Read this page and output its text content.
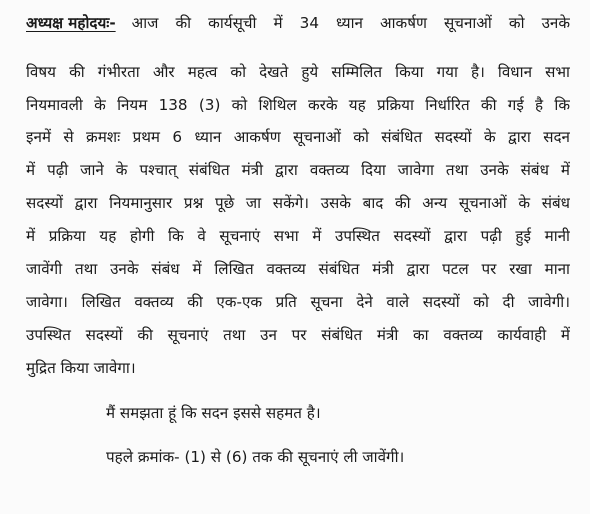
अध्यक्ष महोदयः- आज की कार्यसूची में 34 ध्यान आकर्षण सूचनाओं को उनके
विषय की गंभीरता और महत्व को देखते हुये सम्मिलित किया गया है। विधान सभा
नियमावली के नियम 138 (3) को शिथिल करके यह प्रक्रिया निर्धारित की गई है कि
इनमें से क्रमशः प्रथम 6 ध्यान आकर्षण सूचनाओं को संबंधित सदस्यों के द्वारा सदन
में पढ़ी जाने के पश्चात् संबंधित मंत्री द्वारा वक्तव्य दिया जावेगा तथा उनके संबंध में
सदस्यों द्वारा नियमानुसार प्रश्न पूछे जा सकेंगे। उसके बाद की अन्य सूचनाओं के संबंध
में प्रक्रिया यह होगी कि वे सूचनाएं सभा में उपस्थित सदस्यों द्वारा पढ़ी हुई मानी
जावेंगी तथा उनके संबंध में लिखित वक्तव्य संबंधित मंत्री द्वारा पटल पर रखा माना
जावेगा। लिखित वक्तव्य की एक-एक प्रति सूचना देने वाले सदस्यों को दी जावेगी।
उपस्थित सदस्यों की सूचनाएं तथा उन पर संबंधित मंत्री का वक्तव्य कार्यवाही में
मुद्रित किया जावेगा।
मैं समझता हूं कि सदन इससे सहमत है।
पहले क्रमांक- (1) से (6) तक की सूचनाएं ली जावेंगी।
